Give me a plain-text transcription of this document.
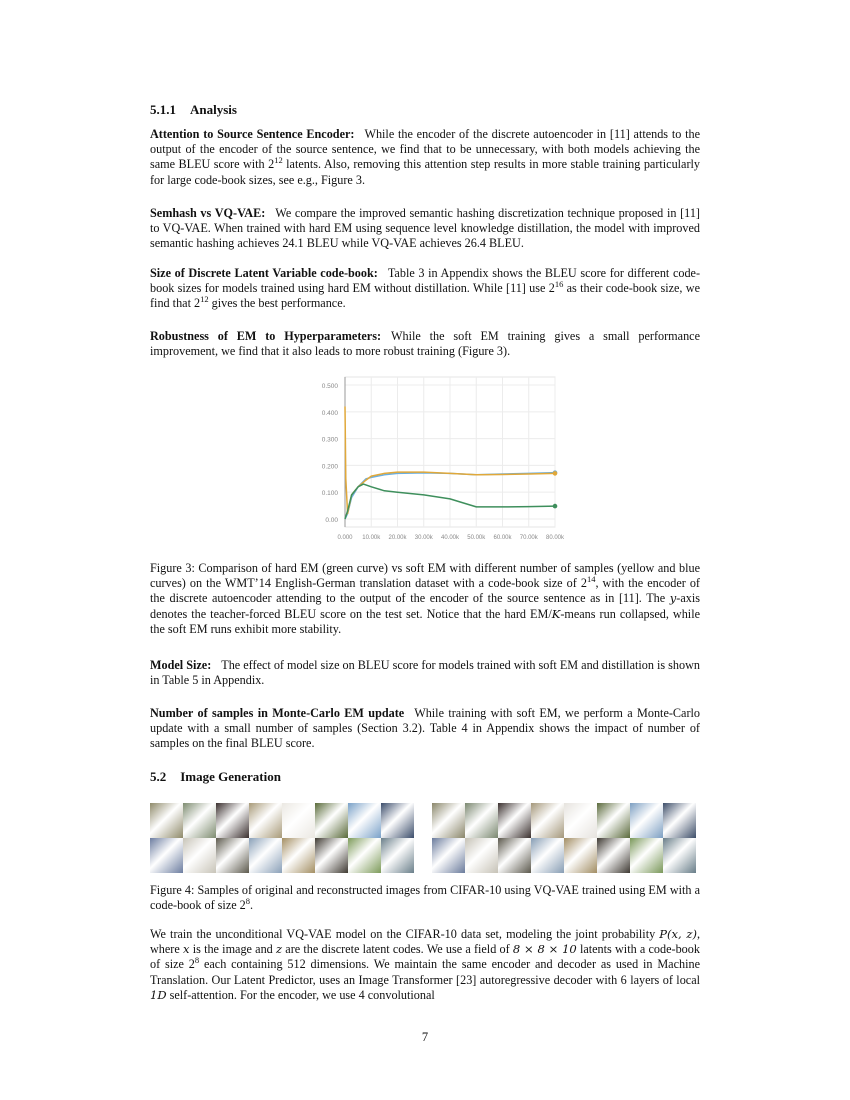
5.1.1 Analysis
Attention to Source Sentence Encoder: While the encoder of the discrete autoencoder in [11] attends to the output of the encoder of the source sentence, we find that to be unnecessary, with both models achieving the same BLEU score with $2^{12}$ latents. Also, removing this attention step results in more stable training particularly for large code-book sizes, see e.g., Figure 3.
Semhash vs VQ-VAE: We compare the improved semantic hashing discretization technique proposed in [11] to VQ-VAE. When trained with hard EM using sequence level knowledge distillation, the model with improved semantic hashing achieves 24.1 BLEU while VQ-VAE achieves 26.4 BLEU.
Size of Discrete Latent Variable code-book: Table 3 in Appendix shows the BLEU score for different code-book sizes for models trained using hard EM without distillation. While [11] use $2^{16}$ as their code-book size, we find that $2^{12}$ gives the best performance.
Robustness of EM to Hyperparameters: While the soft EM training gives a small performance improvement, we find that it also leads to more robust training (Figure 3).
0.500
0.400
0.300
0.200
0.100
0.00
0.000 10.00k 20.00k 30.00k 40.00k 50.00k 60.00k 70.00k 80.00k
Figure 3: Comparison of hard EM (green curve) vs soft EM with different number of samples (yellow and blue curves) on the WMT’14 English-German translation dataset with a code-book size of $2^{14}$, with the encoder of the discrete autoencoder attending to the output of the encoder of the source sentence as in [11]. The y-axis denotes the teacher-forced BLEU score on the test set. Notice that the hard EM/K-means run collapsed, while the soft EM runs exhibit more stability.
Model Size: The effect of model size on BLEU score for models trained with soft EM and distillation is shown in Table 5 in Appendix.
Number of samples in Monte-Carlo EM update While training with soft EM, we perform a Monte-Carlo update with a small number of samples (Section 3.2). Table 4 in Appendix shows the impact of number of samples on the final BLEU score.
5.2 Image Generation
Figure 4: Samples of original and reconstructed images from CIFAR-10 using VQ-VAE trained using EM with a code-book of size $2^8$.
We train the unconditional VQ-VAE model on the CIFAR-10 data set, modeling the joint probability P(x, z), where x is the image and z are the discrete latent codes. We use a field of 8 × 8 × 10 latents with a code-book of size $2^8$ each containing 512 dimensions. We maintain the same encoder and decoder as used in Machine Translation. Our Latent Predictor, uses an Image Transformer [23] autoregressive decoder with 6 layers of local 1D self-attention. For the encoder, we use 4 convolutional
7
